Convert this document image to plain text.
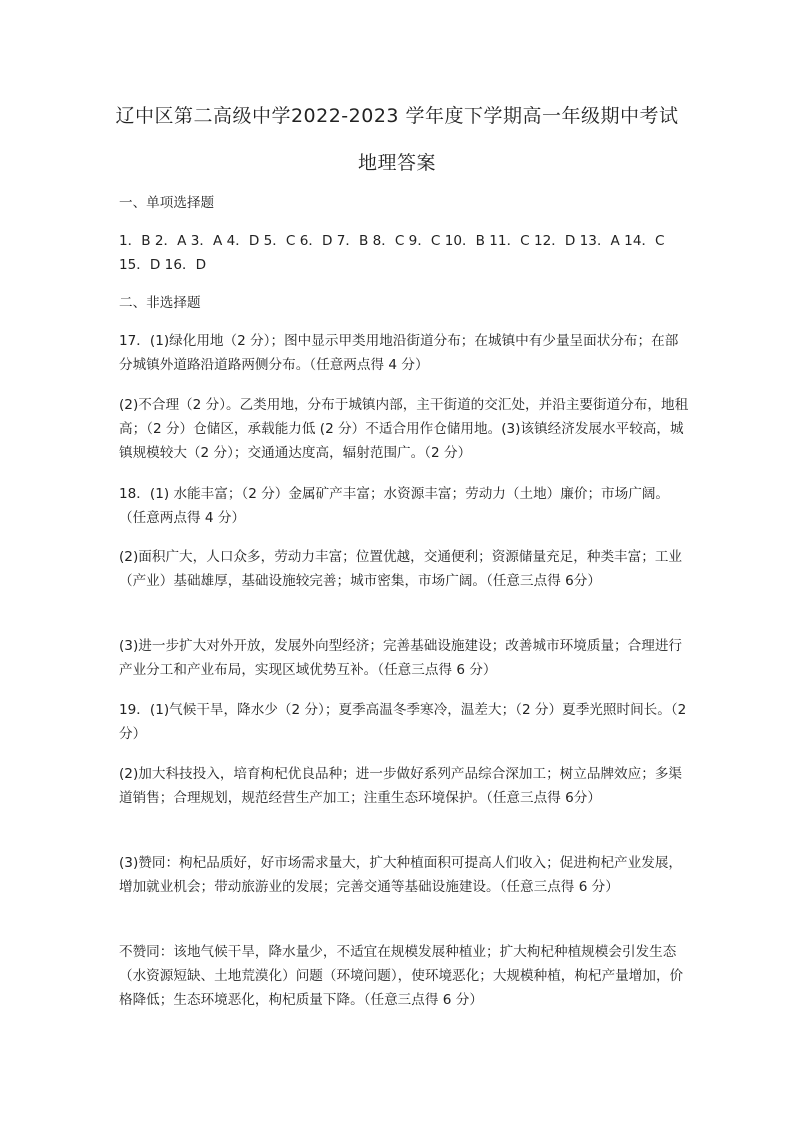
辽中区第二高级中学2022-2023 学年度下学期高一年级期中考试
地理答案

一、单项选择题

1．B 2．A 3．A 4．D 5．C 6．D 7．B 8．C 9．C 10．B 11．C 12．D 13．A 14．C 15．D 16．D

二、非选择题

17．(1)绿化用地（2 分）；图中显示甲类用地沿街道分布；在城镇中有少量呈面状分布；在部分城镇外道路沿道路两侧分布。（任意两点得 4 分）

(2)不合理（2 分）。乙类用地，分布于城镇内部，主干街道的交汇处，并沿主要街道分布，地租高；（2 分）仓储区，承载能力低 (2 分）不适合用作仓储用地。(3)该镇经济发展水平较高，城镇规模较大（2 分）；交通通达度高，辐射范围广。（2 分）

18．(1) 水能丰富；（2 分）金属矿产丰富；水资源丰富；劳动力（土地）廉价；市场广阔。（任意两点得 4 分）

(2)面积广大，人口众多，劳动力丰富；位置优越，交通便利；资源储量充足，种类丰富；工业（产业）基础雄厚，基础设施较完善；城市密集，市场广阔。（任意三点得 6分）

(3)进一步扩大对外开放，发展外向型经济；完善基础设施建设；改善城市环境质量；合理进行产业分工和产业布局，实现区域优势互补。（任意三点得 6 分）

19．(1)气候干旱，降水少（2 分）；夏季高温冬季寒冷，温差大；（2 分）夏季光照时间长。（2 分）

(2)加大科技投入，培育枸杞优良品种；进一步做好系列产品综合深加工；树立品牌效应；多渠道销售；合理规划，规范经营生产加工；注重生态环境保护。（任意三点得 6分）

(3)赞同：枸杞品质好，好市场需求量大，扩大种植面积可提高人们收入；促进枸杞产业发展，增加就业机会；带动旅游业的发展；完善交通等基础设施建设。（任意三点得 6 分）

不赞同：该地气候干旱，降水量少，不适宜在规模发展种植业；扩大枸杞种植规模会引发生态（水资源短缺、土地荒漠化）问题（环境问题），使环境恶化；大规模种植，枸杞产量增加，价格降低；生态环境恶化，枸杞质量下降。（任意三点得 6 分）
